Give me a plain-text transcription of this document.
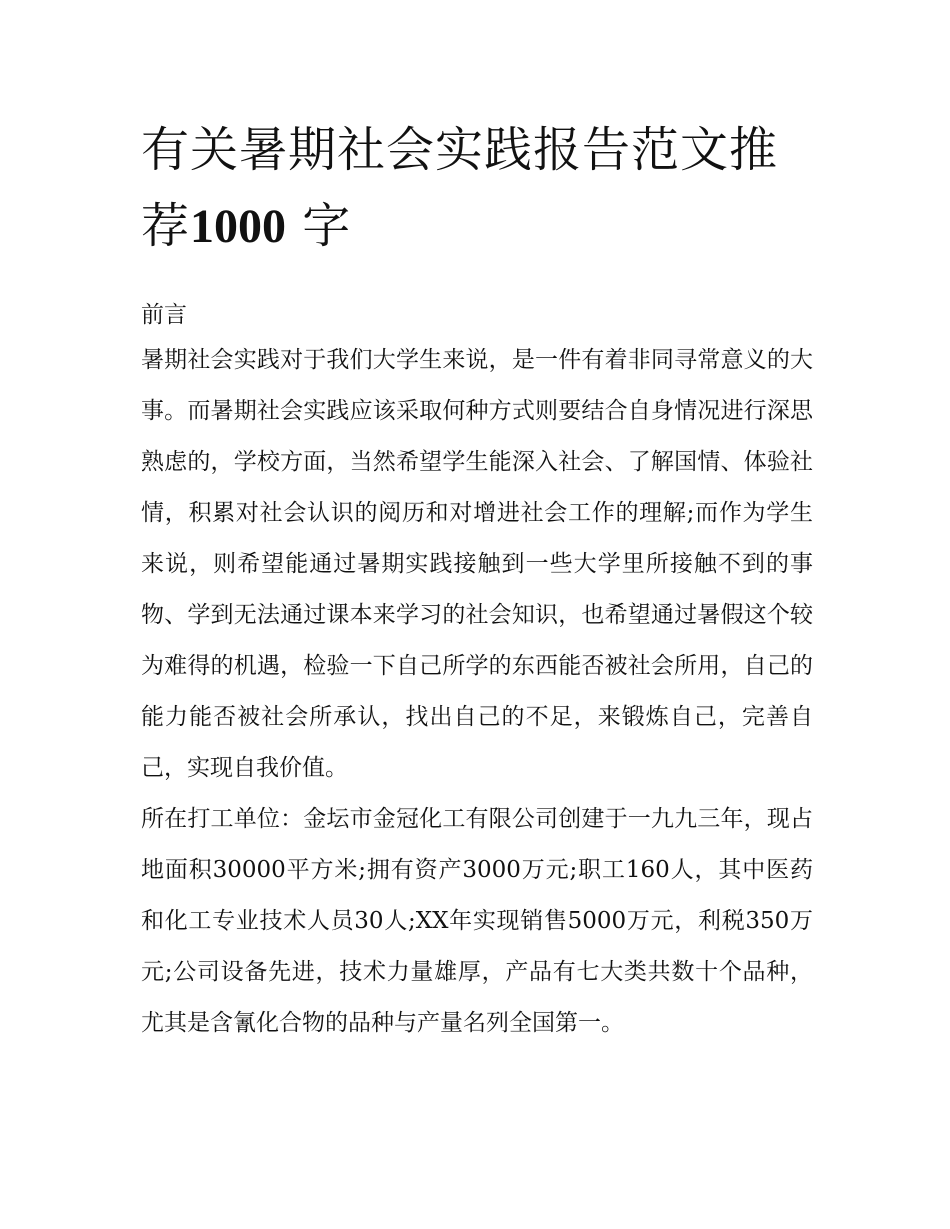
有关暑期社会实践报告范文推荐1000 字

前言

暑期社会实践对于我们大学生来说，是一件有着非同寻常意义的大事。而暑期社会实践应该采取何种方式则要结合自身情况进行深思熟虑的，学校方面，当然希望学生能深入社会、了解国情、体验社情，积累对社会认识的阅历和对增进社会工作的理解;而作为学生来说，则希望能通过暑期实践接触到一些大学里所接触不到的事物、学到无法通过课本来学习的社会知识，也希望通过暑假这个较为难得的机遇，检验一下自己所学的东西能否被社会所用，自己的能力能否被社会所承认，找出自己的不足，来锻炼自己，完善自己，实现自我价值。

所在打工单位：金坛市金冠化工有限公司创建于一九九三年，现占地面积30000平方米;拥有资产3000万元;职工160人，其中医药和化工专业技术人员30人;XX年实现销售5000万元，利税350万元;公司设备先进，技术力量雄厚，产品有七大类共数十个品种，尤其是含氰化合物的品种与产量名列全国第一。
